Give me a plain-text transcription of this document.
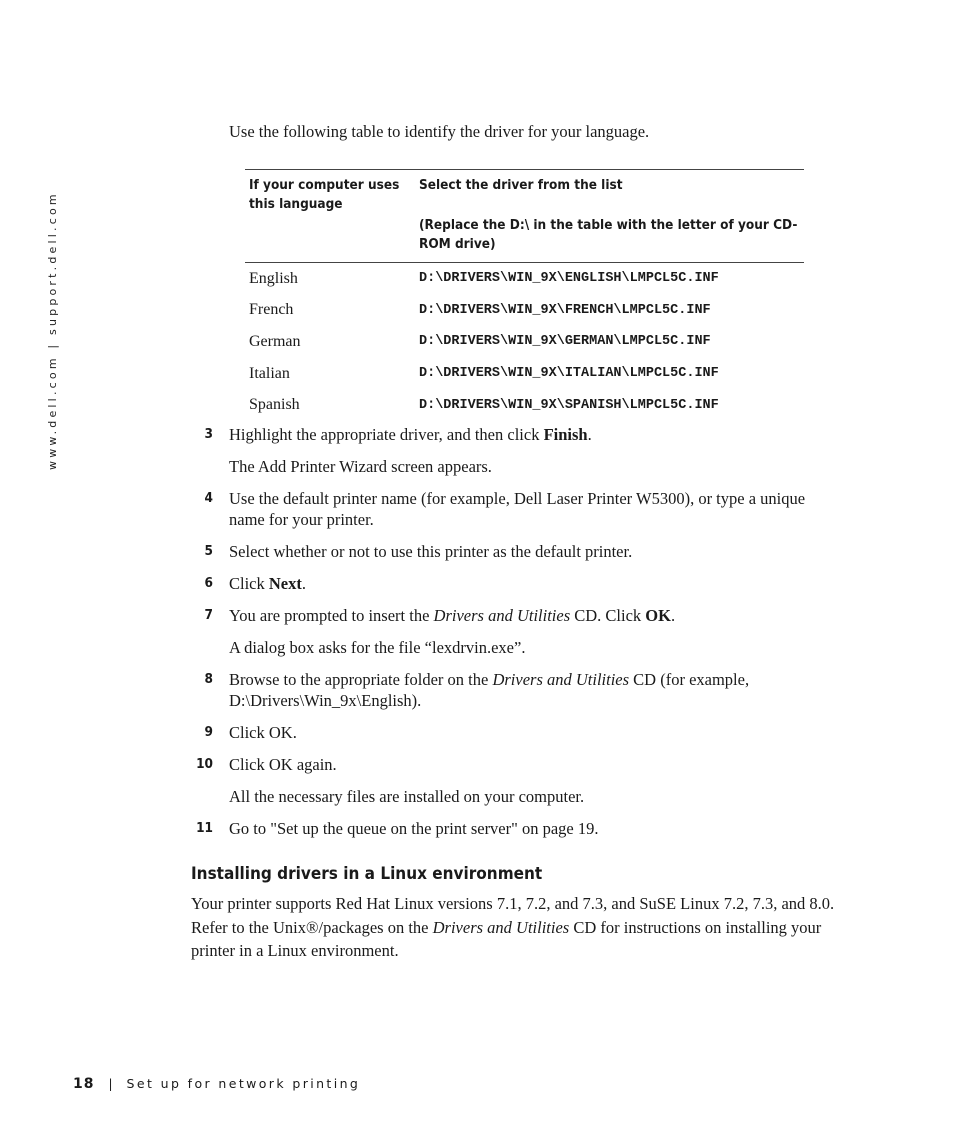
www.dell.com | support.dell.com
Use the following table to identify the driver for your language.
If your computer uses this language	Select the driver from the list
(Replace the D:\ in the table with the letter of your CD-ROM drive)
English	D:\DRIVERS\WIN_9X\ENGLISH\LMPCL5C.INF
French	D:\DRIVERS\WIN_9X\FRENCH\LMPCL5C.INF
German	D:\DRIVERS\WIN_9X\GERMAN\LMPCL5C.INF
Italian	D:\DRIVERS\WIN_9X\ITALIAN\LMPCL5C.INF
Spanish	D:\DRIVERS\WIN_9X\SPANISH\LMPCL5C.INF
3 Highlight the appropriate driver, and then click Finish.
The Add Printer Wizard screen appears.
4 Use the default printer name (for example, Dell Laser Printer W5300), or type a unique name for your printer.
5 Select whether or not to use this printer as the default printer.
6 Click Next.
7 You are prompted to insert the Drivers and Utilities CD. Click OK.
A dialog box asks for the file “lexdrvin.exe”.
8 Browse to the appropriate folder on the Drivers and Utilities CD (for example, D:\Drivers\Win_9x\English).
9 Click OK.
10 Click OK again.
All the necessary files are installed on your computer.
11 Go to "Set up the queue on the print server" on page 19.
Installing drivers in a Linux environment
Your printer supports Red Hat Linux versions 7.1, 7.2, and 7.3, and SuSE Linux 7.2, 7.3, and 8.0. Refer to the Unix®/packages on the Drivers and Utilities CD for instructions on installing your printer in a Linux environment.
18 | Set up for network printing
